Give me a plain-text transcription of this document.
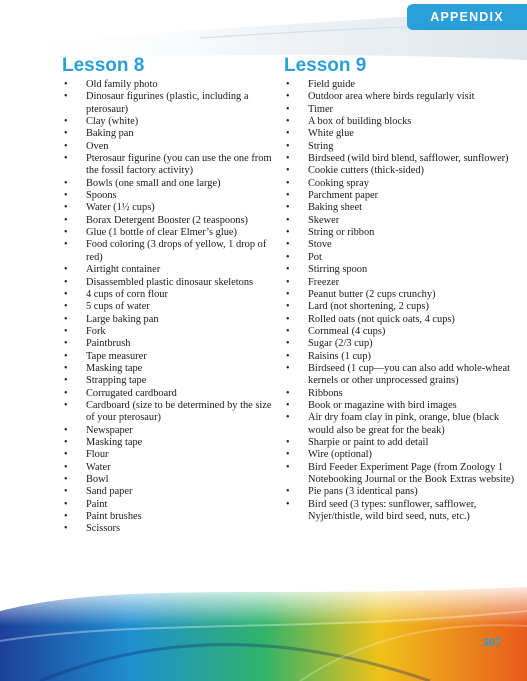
APPENDIX
Lesson 8
• Old family photo
• Dinosaur figurines (plastic, including a pterosaur)
• Clay (white)
• Baking pan
• Oven
• Pterosaur figurine (you can use the one from the fossil factory activity)
• Bowls (one small and one large)
• Spoons
• Water (1½ cups)
• Borax Detergent Booster (2 teaspoons)
• Glue (1 bottle of clear Elmer’s glue)
• Food coloring (3 drops of yellow, 1 drop of red)
• Airtight container
• Disassembled plastic dinosaur skeletons
• 4 cups of corn flour
• 5 cups of water
• Large baking pan
• Fork
• Paintbrush
• Tape measurer
• Masking tape
• Strapping tape
• Corrugated cardboard
• Cardboard (size to be determined by the size of your pterosaur)
• Newspaper
• Masking tape
• Flour
• Water
• Bowl
• Sand paper
• Paint
• Paint brushes
• Scissors
Lesson 9
• Field guide
• Outdoor area where birds regularly visit
• Timer
• A box of building blocks
• White glue
• String
• Birdseed (wild bird blend, safflower, sunflower)
• Cookie cutters (thick-sided)
• Cooking spray
• Parchment paper
• Baking sheet
• Skewer
• String or ribbon
• Stove
• Pot
• Stirring spoon
• Freezer
• Peanut butter (2 cups crunchy)
• Lard (not shortening, 2 cups)
• Rolled oats (not quick oats, 4 cups)
• Cornmeal (4 cups)
• Sugar (2/3 cup)
• Raisins (1 cup)
• Birdseed (1 cup—you can also add whole-wheat kernels or other unprocessed grains)
• Ribbons
• Book or magazine with bird images
• Air dry foam clay in pink, orange, blue (black would also be great for the beak)
• Sharpie or paint to add detail
• Wire (optional)
• Bird Feeder Experiment Page (from Zoology 1 Notebooking Journal or the Book Extras website)
• Pie pans (3 identical pans)
• Bird seed (3 types: sunflower, safflower, Nyjer/thistle, wild bird seed, nuts, etc.)
307
